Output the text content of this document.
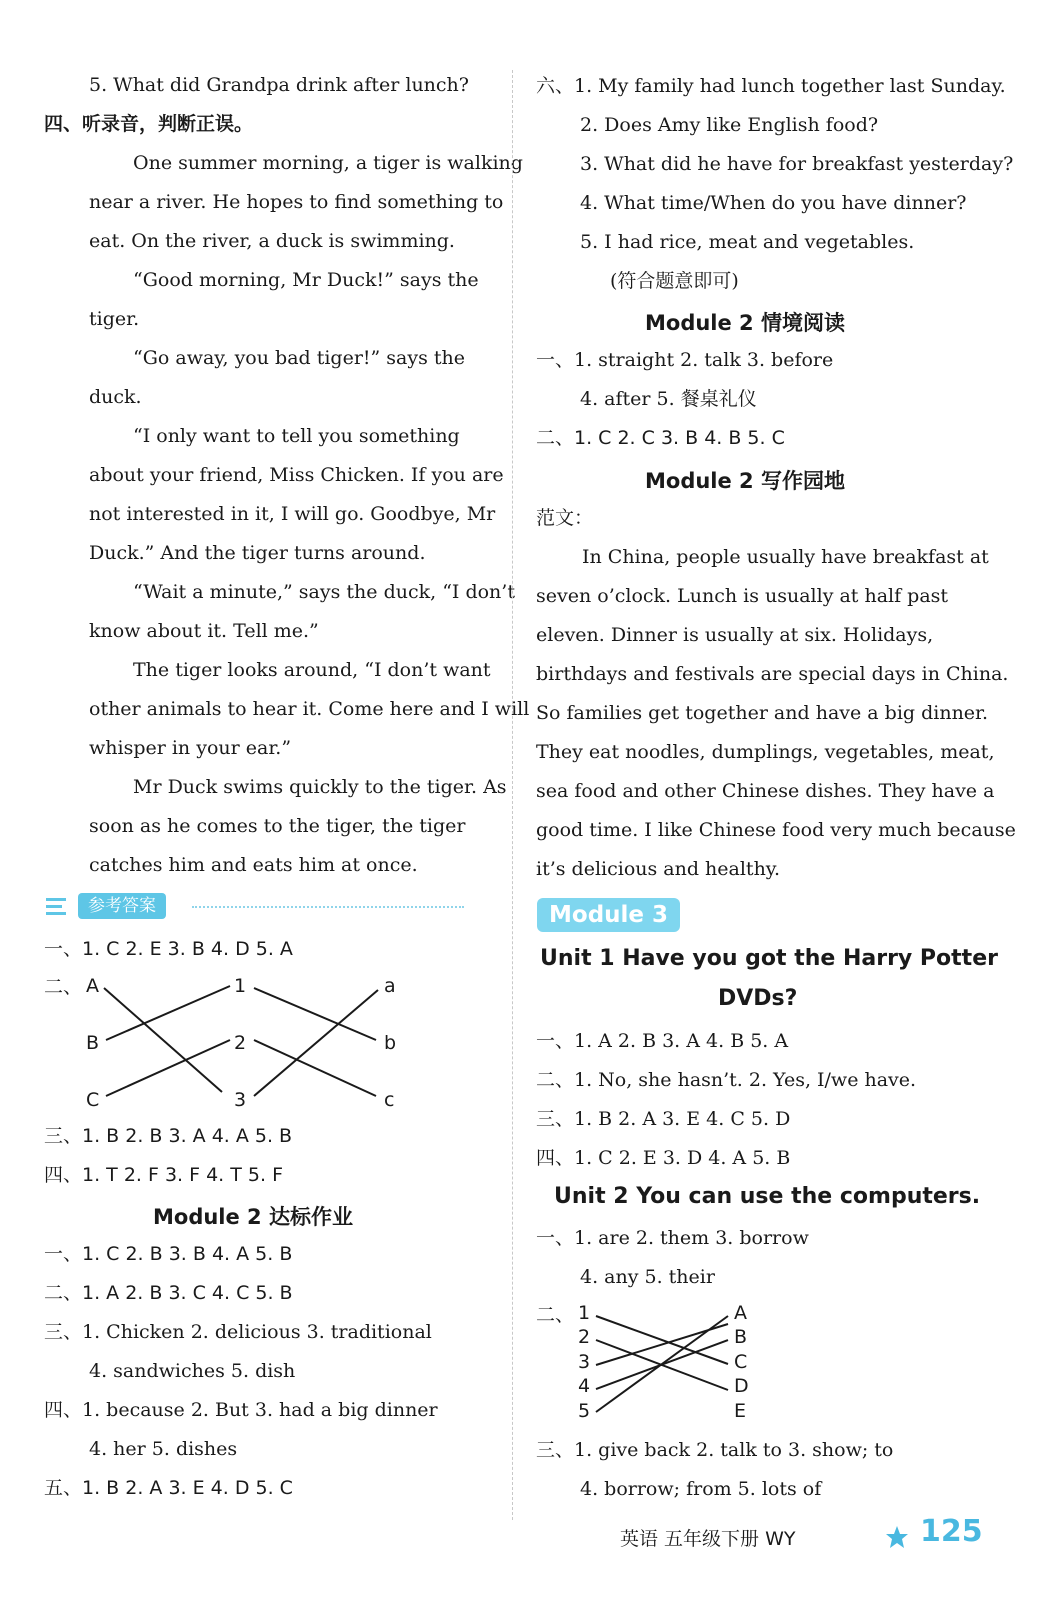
5. What did Grandpa drink after lunch?
四、听录音，判断正误。
One summer morning, a tiger is walking
near a river. He hopes to find something to
eat. On the river, a duck is swimming.
“Good morning, Mr Duck!” says the
tiger.
“Go away, you bad tiger!” says the
duck.
“I only want to tell you something
about your friend, Miss Chicken. If you are
not interested in it, I will go. Goodbye, Mr
Duck.” And the tiger turns around.
“Wait a minute,” says the duck, “I don’t
know about it. Tell me.”
The tiger looks around, “I don’t want
other animals to hear it. Come here and I will
whisper in your ear.”
Mr Duck swims quickly to the tiger. As
soon as he comes to the tiger, the tiger
catches him and eats him at once.
参考答案
一、1. C 2. E 3. B 4. D 5. A
二、 A
B
C
1
2
3
a
b
c
三、1. B 2. B 3. A 4. A 5. B
四、1. T 2. F 3. F 4. T 5. F
Module 2 达标作业
一、1. C 2. B 3. B 4. A 5. B
二、1. A 2. B 3. C 4. C 5. B
三、1. Chicken 2. delicious 3. traditional
4. sandwiches 5. dish
四、1. because 2. But 3. had a big dinner
4. her 5. dishes
五、1. B 2. A 3. E 4. D 5. C
六、1. My family had lunch together last Sunday.
2. Does Amy like English food?
3. What did he have for breakfast yesterday?
4. What time/When do you have dinner?
5. I had rice, meat and vegetables.
(符合题意即可)
Module 2 情境阅读
一、1. straight 2. talk 3. before
4. after 5. 餐桌礼仪
二、1. C 2. C 3. B 4. B 5. C
Module 2 写作园地
范文：
In China, people usually have breakfast at
seven o’clock. Lunch is usually at half past
eleven. Dinner is usually at six. Holidays,
birthdays and festivals are special days in China.
So families get together and have a big dinner.
They eat noodles, dumplings, vegetables, meat,
sea food and other Chinese dishes. They have a
good time. I like Chinese food very much because
it’s delicious and healthy.
Module 3
Unit 1 Have you got the Harry Potter
DVDs?
一、1. A 2. B 3. A 4. B 5. A
二、1. No, she hasn’t. 2. Yes, I/we have.
三、1. B 2. A 3. E 4. C 5. D
四、1. C 2. E 3. D 4. A 5. B
Unit 2 You can use the computers.
一、1. are 2. them 3. borrow
4. any 5. their
二、 1
2
3
4
5
A
B
C
D
E
三、1. give back 2. talk to 3. show; to
4. borrow; from 5. lots of
英语 五年级下册 WY	125
